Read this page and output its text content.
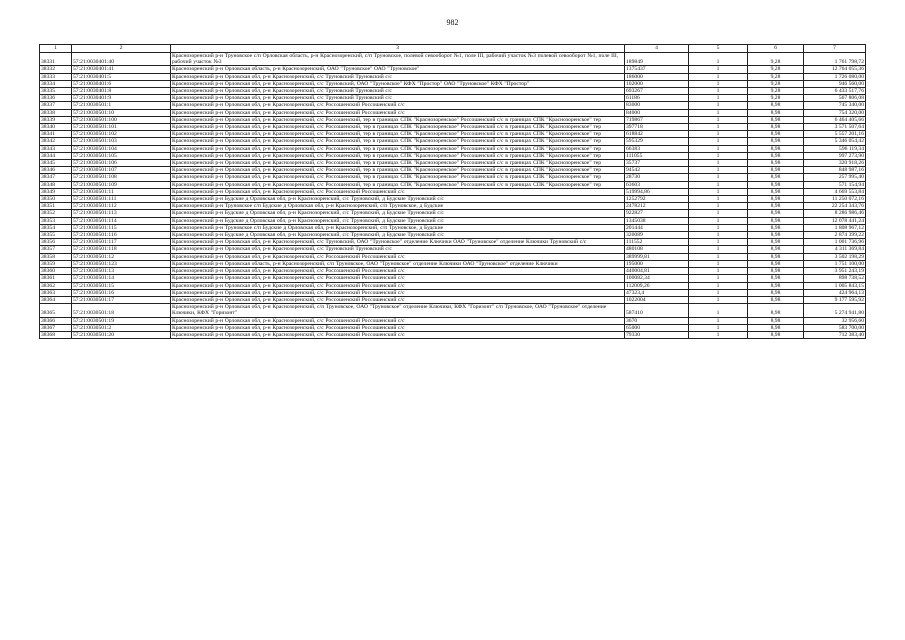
982
1	2	3	4	5	6	7
38331	57:21:0030401:40	Краснозоренский р-н Труновское с/п Орловская область, р-н Краснозоренский, с/п Труновское, полевой севооборот №1, поле III, рабочий участок №3 полевой севооборот №1, поле III, рабочий участок №3	189849	1	9,28	1 761 798,72
38332	57:21:0030401:41	Краснозоренский р-н Орловская область, р-н Краснозоренский, ОАО "Труновское" ОАО "Труновское"	1375437	1	9,28	12 764 055,36
38333	57:21:0030401:5	Краснозоренский р-н Орловская обл, р-н Краснозоренский, с/с Труновский Труновский с/с	186000	1	9,28	1 726 080,00
38334	57:21:0030401:6	Краснозоренский р-н Орловская обл, р-н Краснозоренский, с/с Труновский, ОАО "Труновское" КФХ "Простор" ОАО "Труновское" КФХ "Простор"	102000	1	9,28	946 560,00
38335	57:21:0030401:8	Краснозоренский р-н Орловская обл, р-н Краснозоренский, с/с Труновский Труновский с/с	693267	1	9,28	6 433 517,76
38336	57:21:0030401:9	Краснозоренский р-н Орловская обл, р-н Краснозоренский, с/с Труновский Труновский с/с	61186	1	9,28	567 806,08
38337	57:21:0030501:1	Краснозоренский р-н Орловская обл, р-н Краснозоренский, с/с Россошенский Россошенский с/с	83000	1	8,98	745 340,00
38338	57:21:0030501:10	Краснозоренский р-н Орловская обл, р-н Краснозоренский, с/с Россошенский Россошенский с/с	84000	1	8,98	754 320,00
38339	57:21:0030501:100	Краснозоренский р-н Орловская обл, р-н Краснозоренский, с/с Россошенский, тер в границах СПК "Краснозоренское" Россошенский с/с в границах СПК "Краснозоренское" тер	719867	1	8,98	6 464 405,66
38340	57:21:0030501:101	Краснозоренский р-н Орловская обл, р-н Краснозоренский, с/с Россошенский, тер в границах СПК "Краснозоренское" Россошенский с/с в границах СПК "Краснозоренское" тер	397718	1	8,98	3 571 507,64
38341	57:21:0030501:102	Краснозоренский р-н Орловская обл, р-н Краснозоренский, с/с Россошенский, тер в границах СПК "Краснозоренское" Россошенский с/с в границах СПК "Краснозоренское" тер	618842	1	8,98	5 557 201,16
38342	57:21:0030501:103	Краснозоренский р-н Орловская обл, р-н Краснозоренский, с/с Россошенский, тер в границах СПК "Краснозоренское" Россошенский с/с в границах СПК "Краснозоренское" тер	595329	1	8,98	5 346 054,42
38343	57:21:0030501:104	Краснозоренский р-н Орловская обл, р-н Краснозоренский, с/с Россошенский, тер в границах СПК "Краснозоренское" Россошенский с/с в границах СПК "Краснозоренское" тер	66383	1	8,98	596 119,34
38344	57:21:0030501:105	Краснозоренский р-н Орловская обл, р-н Краснозоренский, с/с Россошенский, тер в границах СПК "Краснозоренское" Россошенский с/с в границах СПК "Краснозоренское" тер	111055	1	8,98	997 273,90
38345	57:21:0030501:106	Краснозоренский р-н Орловская обл, р-н Краснозоренский, с/с Россошенский, тер в границах СПК "Краснозоренское" Россошенский с/с в границах СПК "Краснозоренское" тер	35737	1	8,98	320 918,26
38346	57:21:0030501:107	Краснозоренский р-н Орловская обл, р-н Краснозоренский, с/с Россошенский, тер в границах СПК "Краснозоренское" Россошенский с/с в границах СПК "Краснозоренское" тер	94542	1	8,98	848 987,16
38347	57:21:0030501:108	Краснозоренский р-н Орловская обл, р-н Краснозоренский, с/с Россошенский, тер в границах СПК "Краснозоренское" Россошенский с/с в границах СПК "Краснозоренское" тер	28730	1	8,98	257 995,40
38348	57:21:0030501:109	Краснозоренский р-н Орловская обл, р-н Краснозоренский, с/с Россошенский, тер в границах СПК "Краснозоренское" Россошенский с/с в границах СПК "Краснозоренское" тер	63603	1	8,98	571 154,94
38349	57:21:0030501:11	Краснозоренский р-н Орловская обл, р-н Краснозоренский, с/с Россошенский Россошенский с/с	519994,86	1	8,98	4 669 553,84
38350	57:21:0030501:111	Краснозоренский р-н Будские д Орловская обл, р-н Краснозоренский, с/с Труновский, д Будские Труновский с/с	1252792	1	8,98	11 250 072,16
38351	57:21:0030501:112	Краснозоренский р-н Труновское с/п Будские д Орловская обл, р-н Краснозоренский, с/п Труновское, д Будские	2478212	1	8,98	22 254 343,76
38352	57:21:0030501:113	Краснозоренский р-н Будские д Орловская обл, р-н Краснозоренский, с/с Труновский, д Будские Труновский с/с	922827	1	8,98	8 286 986,46
38353	57:21:0030501:114	Краснозоренский р-н Будские д Орловская обл, р-н Краснозоренский, с/с Труновский, д Будские Труновский с/с	1345038	1	8,98	12 078 441,24
38354	57:21:0030501:115	Краснозоренский р-н Труновское с/п Будские д Орловская обл, р-н Краснозоренский, с/п Труновское, д Будские	201444	1	8,98	1 808 967,12
38355	57:21:0030501:116	Краснозоренский р-н Будские д Орловская обл, р-н Краснозоренский, с/с Труновский, д Будские Труновский с/с	320089	1	8,98	2 874 399,22
38356	57:21:0030501:117	Краснозоренский р-н Орловская обл, р-н Краснозоренский, с/с Труновский, ОАО "Труновское" отделение Ключики ОАО "Труновское" отделение Ключики Труновский с/с	111552	1	8,98	1 001 736,96
38357	57:21:0030501:118	Краснозоренский р-н Орловская обл, р-н Краснозоренский, с/с Труновский Труновский с/с	480108	1	8,98	4 311 369,84
38358	57:21:0030501:12	Краснозоренский р-н Орловская обл, р-н Краснозоренский, с/с Россошенский Россошенский с/с	389999,81	1	8,98	3 502 198,29
38359	57:21:0030501:123	Краснозоренский р-н Орловская область, р-н Краснозоренский, с/п Труновское, ОАО "Труновское" отделение Ключики ОАО "Труновское" отделение Ключики	195000	1	8,98	1 751 100,00
38360	57:21:0030501:13	Краснозоренский р-н Орловская обл, р-н Краснозоренский, с/с Россошенский Россошенский с/с	440004,81	1	8,98	3 951 243,19
38361	57:21:0030501:14	Краснозоренский р-н Орловская обл, р-н Краснозоренский, с/с Россошенский Россошенский с/с	100082,34	1	8,98	898 738,52
38362	57:21:0030501:15	Краснозоренский р-н Орловская обл, р-н Краснозоренский, с/с Россошенский Россошенский с/с	112009,26	1	8,98	1 005 843,15
38363	57:21:0030501:16	Краснозоренский р-н Орловская обл, р-н Краснозоренский, с/с Россошенский Россошенский с/с	47323,4	1	8,98	424 964,13
38364	57:21:0030501:17	Краснозоренский р-н Орловская обл, р-н Краснозоренский, с/с Россошенский Россошенский с/с	1022004	1	8,98	9 177 595,92
38365	57:21:0030501:18	Краснозоренский р-н Орловская обл, р-н Краснозоренский, с/п Труновское, ОАО "Труновское" отделение Ключики, КФХ "Горизонт" с/п Труновское, ОАО "Труновское" отделение Ключики, КФХ "Горизонт"	587410	1	8,98	5 274 941,80
38366	57:21:0030501:19	Краснозоренский р-н Орловская обл, р-н Краснозоренский, с/с Россошенский Россошенский с/с	3670	1	8,98	32 956,60
38367	57:21:0030501:2	Краснозоренский р-н Орловская обл, р-н Краснозоренский, с/с Россошенский Россошенский с/с	65000	1	8,98	583 700,00
38368	57:21:0030501:20	Краснозоренский р-н Орловская обл, р-н Краснозоренский, с/с Россошенский Россошенский с/с	79330	1	8,98	712 383,40
